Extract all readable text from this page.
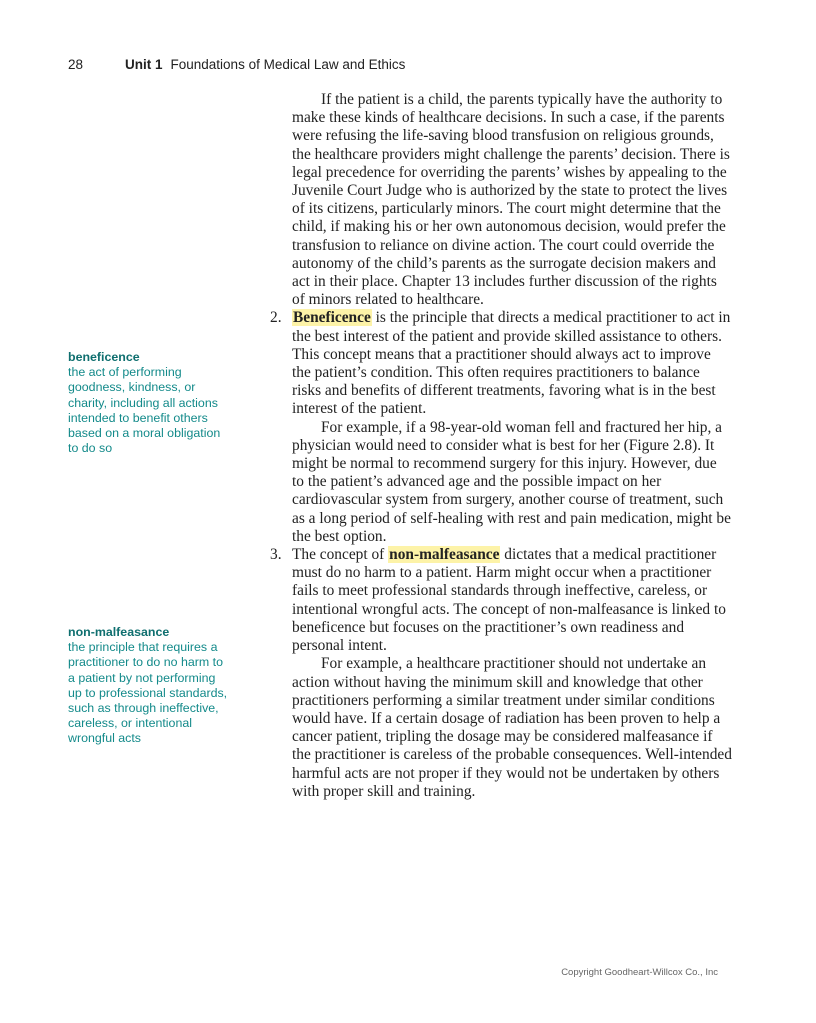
28	Unit 1 Foundations of Medical Law and Ethics
beneficence
the act of performing goodness, kindness, or charity, including all actions intended to benefit others based on a moral obligation to do so
non-malfeasance
the principle that requires a practitioner to do no harm to a patient by not performing up to professional standards, such as through ineffective, careless, or intentional wrongful acts

If the patient is a child, the parents typically have the authority to make these kinds of healthcare decisions. In such a case, if the parents were refusing the life-saving blood transfusion on religious grounds, the healthcare providers might challenge the parents’ decision. There is legal precedence for overriding the parents’ wishes by appealing to the Juvenile Court Judge who is authorized by the state to protect the lives of its citizens, particularly minors. The court might determine that the child, if making his or her own autonomous decision, would prefer the transfusion to reliance on divine action. The court could override the autonomy of the child’s parents as the surrogate decision makers and act in their place. Chapter 13 includes further discussion of the rights of minors related to healthcare.

2. Beneficence is the principle that directs a medical practitioner to act in the best interest of the patient and provide skilled assistance to others. This concept means that a practitioner should always act to improve the patient’s condition. This often requires practitioners to balance risks and benefits of different treatments, favoring what is in the best interest of the patient.

For example, if a 98-year-old woman fell and fractured her hip, a physician would need to consider what is best for her (Figure 2.8). It might be normal to recommend surgery for this injury. However, due to the patient’s advanced age and the possible impact on her cardiovascular system from surgery, another course of treatment, such as a long period of self-healing with rest and pain medication, might be the best option.

3. The concept of non-malfeasance dictates that a medical practitioner must do no harm to a patient. Harm might occur when a practitioner fails to meet professional standards through ineffective, careless, or intentional wrongful acts. The concept of non-malfeasance is linked to beneficence but focuses on the practitioner’s own readiness and personal intent.

For example, a healthcare practitioner should not undertake an action without having the minimum skill and knowledge that other practitioners performing a similar treatment under similar conditions would have. If a certain dosage of radiation has been proven to help a cancer patient, tripling the dosage may be considered malfeasance if the practitioner is careless of the probable consequences. Well-intended harmful acts are not proper if they would not be undertaken by others with proper skill and training.

Copyright Goodheart-Willcox Co., Inc
